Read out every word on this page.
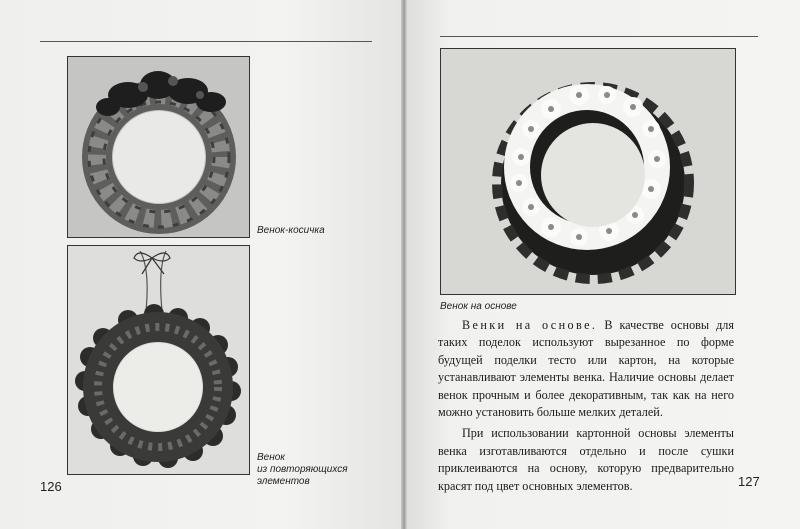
Венок-косичка
Венок
из повторяющихся
элементов
126
Венок на основе

Венки на основе. В качестве основы для таких поделок используют вырезанное по форме будущей поделки тесто или картон, на которые устанавливают элементы венка. Наличие основы делает венок прочным и более декоративным, так как на него можно установить больше мелких деталей.

При использовании картонной основы элементы венка изготавливаются отдельно и после сушки приклеиваются на основу, которую предварительно красят под цвет основных элементов.	127
